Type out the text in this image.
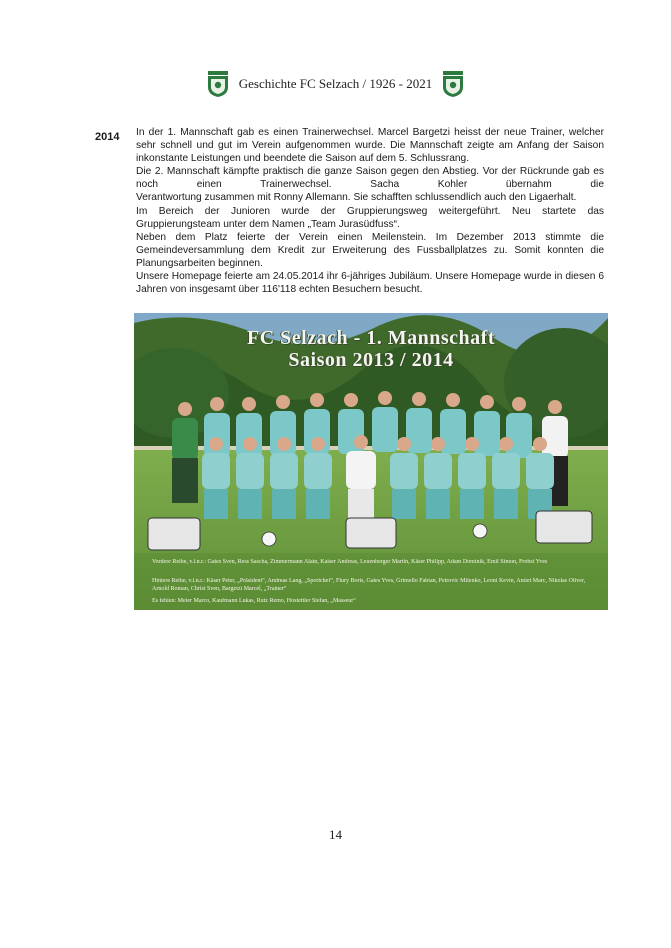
Geschichte FC Selzach / 1926 - 2021
2014 In der 1. Mannschaft gab es einen Trainerwechsel. Marcel Bargetzi heisst der neue Trainer, welcher sehr schnell und gut im Verein aufgenommen wurde. Die Mannschaft zeigte am Anfang der Saison inkonstante Leistungen und beendete die Saison auf dem 5. Schlussrang.

Die 2. Mannschaft kämpfte praktisch die ganze Saison gegen den Abstieg. Vor der Rückrunde gab es noch einen Trainerwechsel. Sacha Kohler übernahm die

Verantwortung zusammen mit Ronny Allemann. Sie schafften schlussendlich auch den Ligaerhalt.

Im Bereich der Junioren wurde der Gruppierungsweg weitergeführt. Neu startete das Gruppierungsteam unter dem Namen „Team Jurasüdfuss“.

Neben dem Platz feierte der Verein einen Meilenstein. Im Dezember 2013 stimmte die Gemeindeversammlung dem Kredit zur Erweiterung des Fussballplatzes zu. Somit konnten die Planungsarbeiten beginnen.

Unsere Homepage feierte am 24.05.2014 ihr 6-jähriges Jubiläum. Unsere Homepage wurde in diesen 6 Jahren von insgesamt über 116'118 echten Besuchern besucht.

FC Selzach - 1. Mannschaft
Saison 2013 / 2014
Vordere Reihe, v.l.n.r.: Gates Sven, Ress Sascha, Zimmermann Alain, Kaiser Andreas, Leuenberger Martin, Käser Philipp, Adam Dominik, Emil Simon, Probst Yves
Hintere Reihe, v.l.n.r.: Käser Peter, „Präsident“, Andreas Lang, „Sportchef“, Flury Boris, Gates Yves, Grimello Fabian, Petrovic Milenko, Leoni Kevin, Amiet Marc, Nikolas Oliver, Arnold Roman, Christ Sven, Bargetzi Marcel, „Trainer“
Es fehlen: Meier Marco, Kaufmann Lukas, Rutz Remo, Hostettler Stefan, „Masseur“
14
